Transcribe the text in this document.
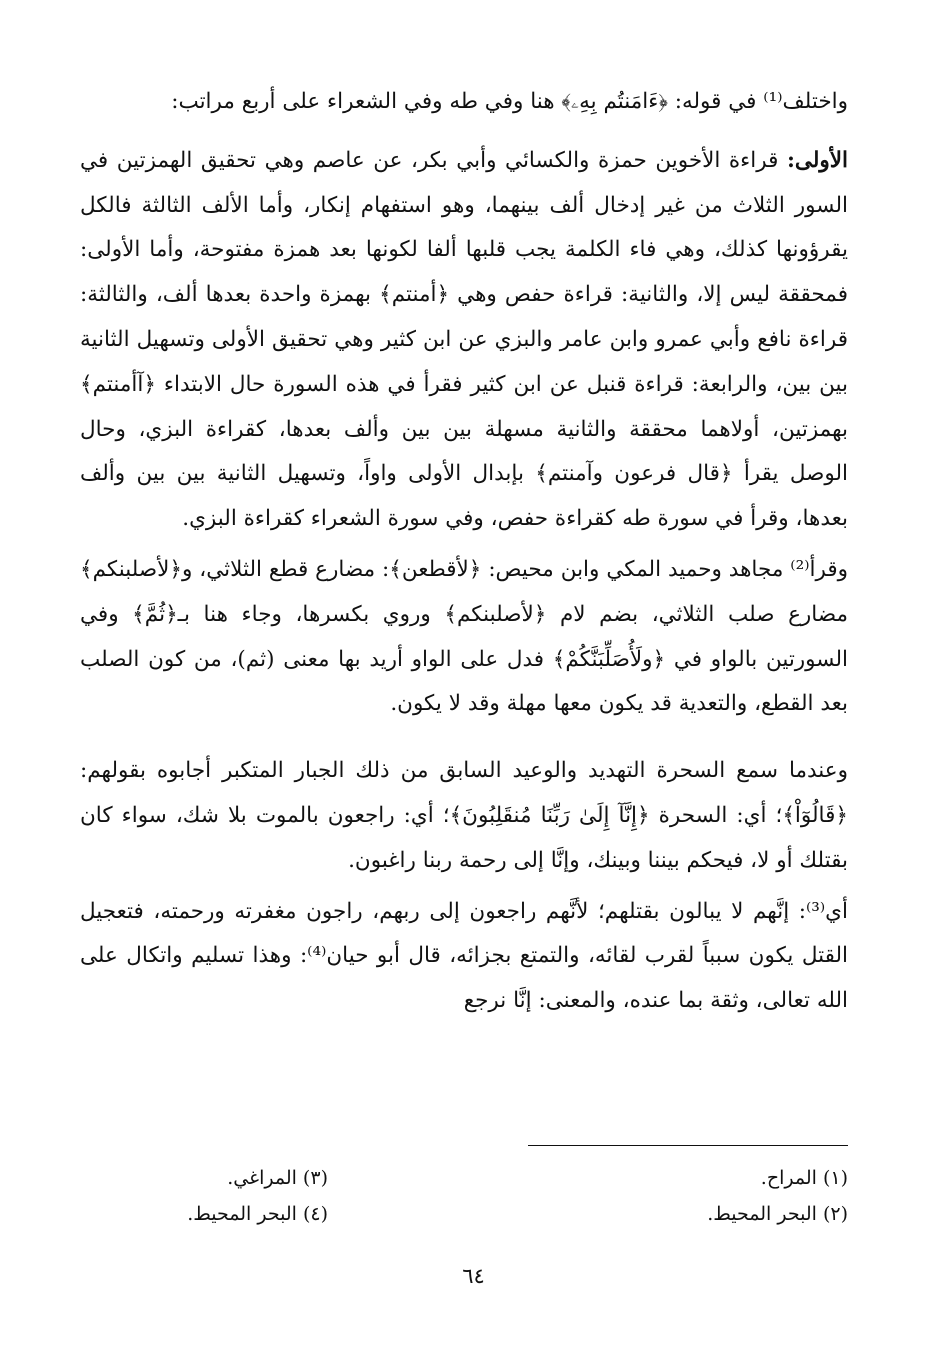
واختلف⁽¹⁾ في قوله: ﴿ءَامَنتُم بِهِۦ﴾ هنا وفي طه وفي الشعراء على أربع مراتب:

الأولى: قراءة الأخوين حمزة والكسائي وأبي بكر، عن عاصم وهي تحقيق الهمزتين في السور الثلاث من غير إدخال ألف بينهما، وهو استفهام إنكار، وأما الألف الثالثة فالكل يقرؤونها كذلك، وهي فاء الكلمة يجب قلبها ألفا لكونها بعد همزة مفتوحة، وأما الأولى: فمحققة ليس إلا، والثانية: قراءة حفص وهي ﴿أمنتم﴾ بهمزة واحدة بعدها ألف، والثالثة: قراءة نافع وأبي عمرو وابن عامر والبزي عن ابن كثير وهي تحقيق الأولى وتسهيل الثانية بين بين، والرابعة: قراءة قنبل عن ابن كثير فقرأ في هذه السورة حال الابتداء ﴿آأمنتم﴾ بهمزتين، أولاهما محققة والثانية مسهلة بين بين وألف بعدها، كقراءة البزي، وحال الوصل يقرأ ﴿قال فرعون وآمنتم﴾ بإبدال الأولى واواً، وتسهيل الثانية بين بين وألف بعدها، وقرأ في سورة طه كقراءة حفص، وفي سورة الشعراء كقراءة البزي.

وقرأ⁽²⁾ مجاهد وحميد المكي وابن محيص: ﴿لأقطعن﴾: مضارع قطع الثلاثي، و﴿لأصلبنكم﴾ مضارع صلب الثلاثي، بضم لام ﴿لأصلبنكم﴾ وروي بكسرها، وجاء هنا بـ﴿ثُمَّ﴾ وفي السورتين بالواو في ﴿ولَأُصَلِّبَنَّكُمْ﴾ فدل على الواو أريد بها معنى (ثم)، من كون الصلب بعد القطع، والتعدية قد يكون معها مهلة وقد لا يكون.

وعندما سمع السحرة التهديد والوعيد السابق من ذلك الجبار المتكبر أجابوه بقولهم: ﴿قَالُوٓاْ﴾؛ أي: السحرة ﴿إِنَّآ إِلَىٰ رَبِّنَا مُنقَلِبُونَ﴾؛ أي: راجعون بالموت بلا شك، سواء كان بقتلك أو لا، فيحكم بيننا وبينك، وإنَّا إلى رحمة ربنا راغبون.

أي⁽³⁾: إنَّهم لا يبالون بقتلهم؛ لأنَّهم راجعون إلى ربهم، راجون مغفرته ورحمته، فتعجيل القتل يكون سبباً لقرب لقائه، والتمتع بجزائه، قال أبو حيان⁽⁴⁾: وهذا تسليم واتكال على الله تعالى، وثقة بما عنده، والمعنى: إنَّا نرجع

(١) المراح.
(٣) المراغي.
(٢) البحر المحيط.
(٤) البحر المحيط.
٦٤
